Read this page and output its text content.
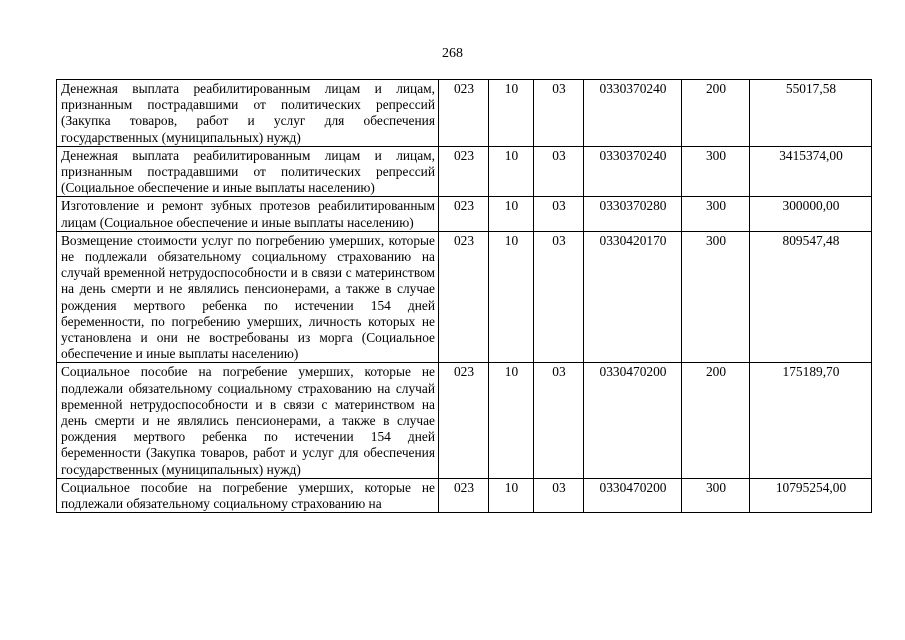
268
Денежная выплата реабилитированным лицам и лицам, признанным пострадавшими от политических репрессий (Закупка товаров, работ и услуг для обеспечения государственных (муниципальных) нужд)	023	10	03	0330370240	200	55017,58
Денежная выплата реабилитированным лицам и лицам, признанным пострадавшими от политических репрессий (Социальное обеспечение и иные выплаты населению)	023	10	03	0330370240	300	3415374,00
Изготовление и ремонт зубных протезов реабилитированным лицам (Социальное обеспечение и иные выплаты населению)	023	10	03	0330370280	300	300000,00
Возмещение стоимости услуг по погребению умерших, которые не подлежали обязательному социальному страхованию на случай временной нетрудоспособности и в связи с материнством на день смерти и не являлись пенсионерами, а также в случае рождения мертвого ребенка по истечении 154 дней беременности, по погребению умерших, личность которых не установлена и они не востребованы из морга (Социальное обеспечение и иные выплаты населению)	023	10	03	0330420170	300	809547,48
Социальное пособие на погребение умерших, которые не подлежали обязательному социальному страхованию на случай временной нетрудоспособности и в связи с материнством на день смерти и не являлись пенсионерами, а также в случае рождения мертвого ребенка по истечении 154 дней беременности (Закупка товаров, работ и услуг для обеспечения государственных (муниципальных) нужд)	023	10	03	0330470200	200	175189,70
Социальное пособие на погребение умерших, которые не подлежали обязательному социальному страхованию на	023	10	03	0330470200	300	10795254,00
